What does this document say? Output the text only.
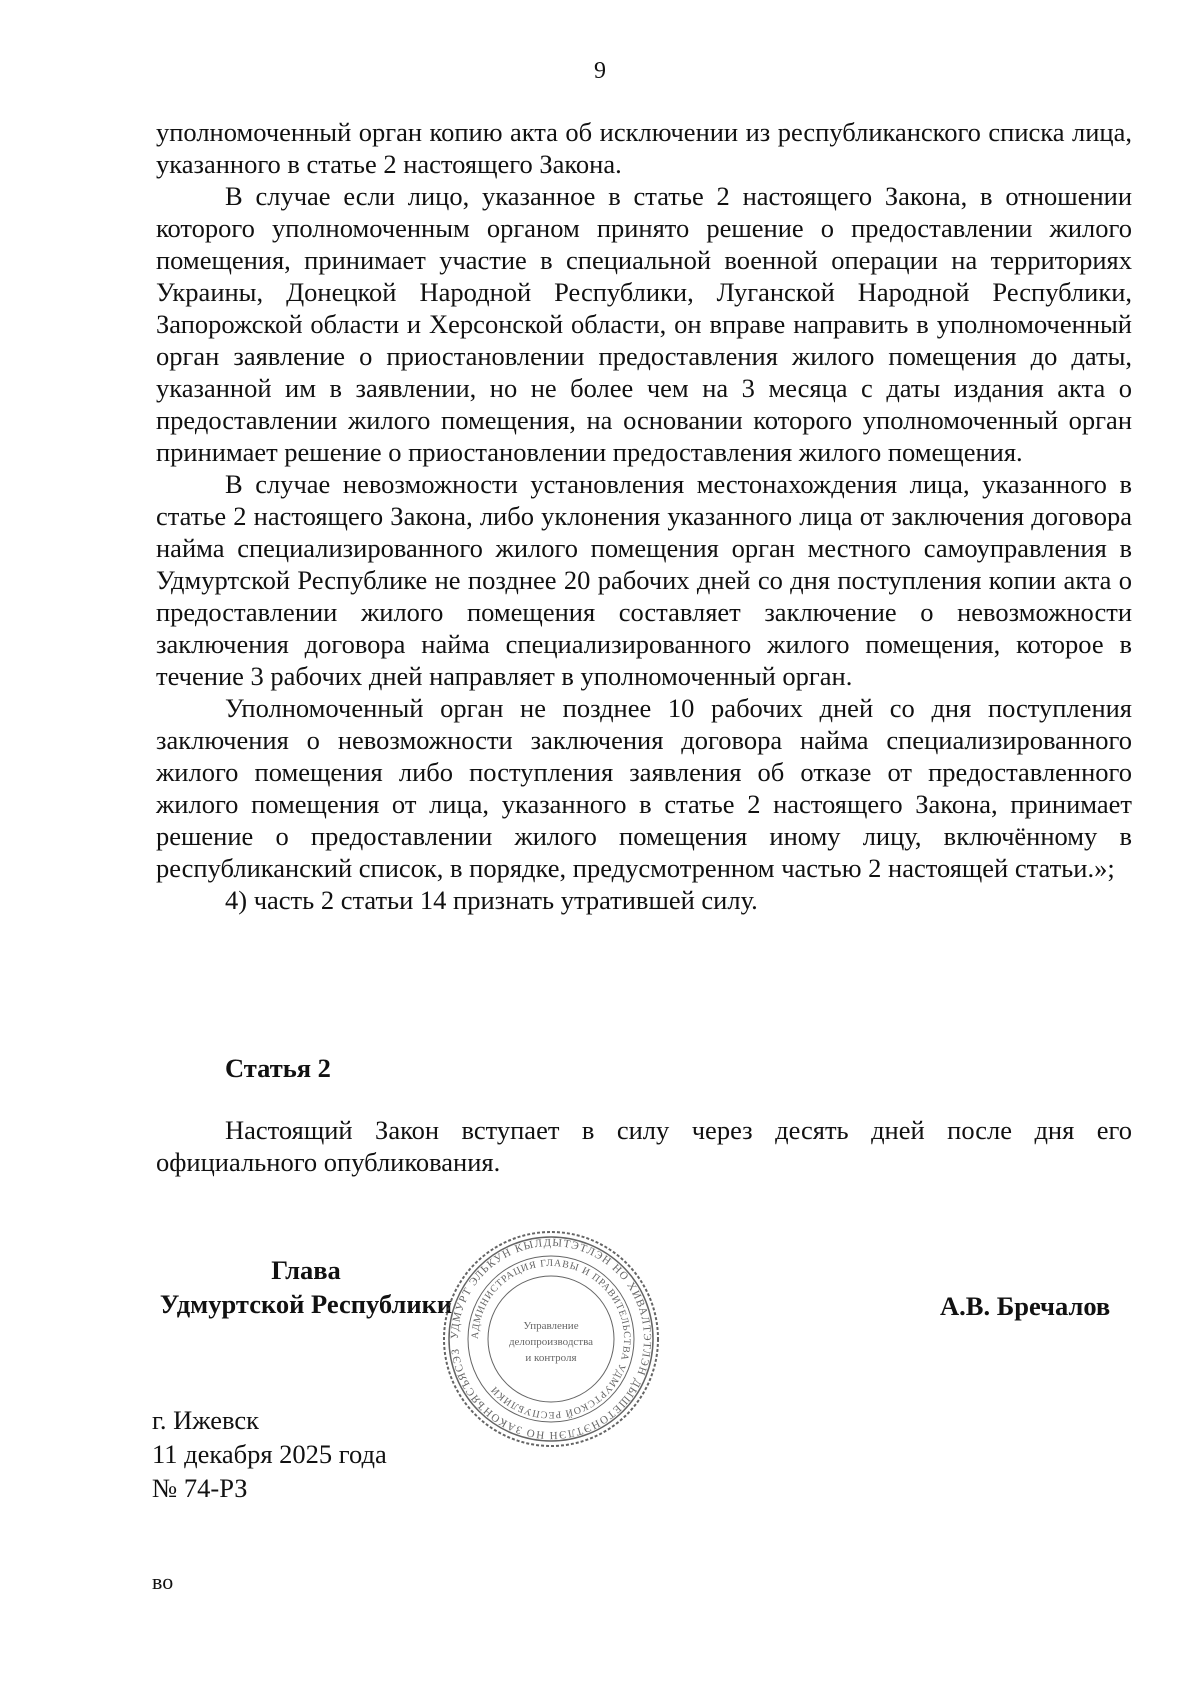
9

уполномоченный орган копию акта об исключении из республиканского списка лица, указанного в статье 2 настоящего Закона.

В случае если лицо, указанное в статье 2 настоящего Закона, в отношении которого уполномоченным органом принято решение о предоставлении жилого помещения, принимает участие в специальной военной операции на территориях Украины, Донецкой Народной Республики, Луганской Народной Республики, Запорожской области и Херсонской области, он вправе направить в уполномоченный орган заявление о приостановлении предоставления жилого помещения до даты, указанной им в заявлении, но не более чем на 3 месяца с даты издания акта о предоставлении жилого помещения, на основании которого уполномоченный орган принимает решение о приостановлении предоставления жилого помещения.

В случае невозможности установления местонахождения лица, указанного в статье 2 настоящего Закона, либо уклонения указанного лица от заключения договора найма специализированного жилого помещения орган местного самоуправления в Удмуртской Республике не позднее 20 рабочих дней со дня поступления копии акта о предоставлении жилого помещения составляет заключение о невозможности заключения договора найма специализированного жилого помещения, которое в течение 3 рабочих дней направляет в уполномоченный орган.

Уполномоченный орган не позднее 10 рабочих дней со дня поступления заключения о невозможности заключения договора найма специализированного жилого помещения либо поступления заявления об отказе от предоставленного жилого помещения от лица, указанного в статье 2 настоящего Закона, принимает решение о предоставлении жилого помещения иному лицу, включённому в республиканский список, в порядке, предусмотренном частью 2 настоящей статьи.»;

4) часть 2 статьи 14 признать утратившей силу.

Статья 2

Настоящий Закон вступает в силу через десять дней после дня его официального опубликования.

Глава
Удмуртской Республики
УДМУРТ ЭЛЬКУН КЫЛДЫТЭТЛЭН НО ХИВАЛТЭТЛЭН ДЫШЕТОНЭТЛЭН НО ЗАКОНЪЯСЪЯСЭЗ
АДМИНИСТРАЦИЯ ГЛАВЫ И ПРАВИТЕЛЬСТВА УДМУРТСКОЙ РЕСПУБЛИКИ
Управление
делопроизводства
и контроля
А.В. Бречалов
г. Ижевск
11 декабря 2025 года
№ 74-РЗ
во
